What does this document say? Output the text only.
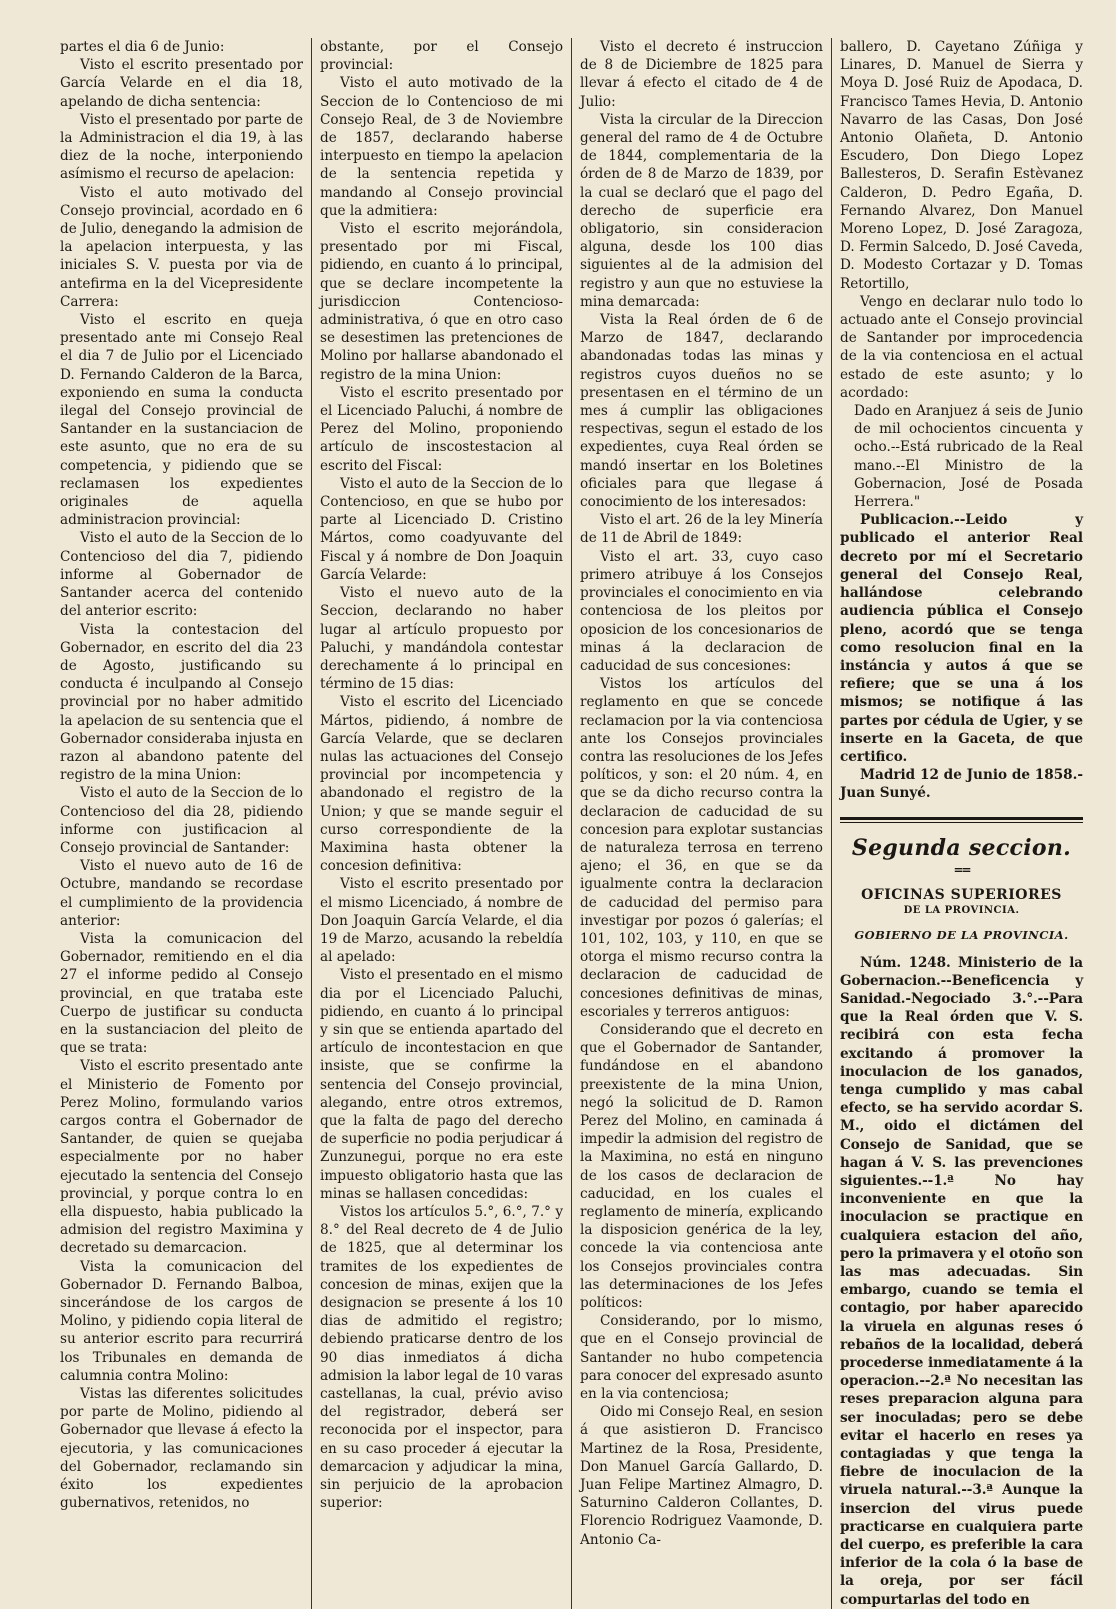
partes el dia 6 de Junio:

Visto el escrito presentado por García Velarde en el dia 18, apelando de dicha sentencia:

Visto el presentado por parte de la Administracion el dia 19, à las diez de la noche, interponiendo asímismo el recurso de apelacion:

Visto el auto motivado del Consejo provincial, acordado en 6 de Julio, denegando la admision de la apelacion interpuesta, y las iniciales S. V. puesta por via de antefirma en la del Vicepresidente Carrera:

Visto el escrito en queja presentado ante mi Consejo Real el dia 7 de Julio por el Licenciado D. Fernando Calderon de la Barca, exponiendo en suma la conducta ilegal del Consejo provincial de Santander en la sustanciacion de este asunto, que no era de su competencia, y pidiendo que se reclamasen los expedientes originales de aquella administracion provincial:

Visto el auto de la Seccion de lo Contencioso del dia 7, pidiendo informe al Gobernador de Santander acerca del contenido del anterior escrito:

Vista la contestacion del Gobernador, en escrito del dia 23 de Agosto, justificando su conducta é inculpando al Consejo provincial por no haber admitido la apelacion de su sentencia que el Gobernador consideraba injusta en razon al abandono patente del registro de la mina Union:

Visto el auto de la Seccion de lo Contencioso del dia 28, pidiendo informe con justificacion al Consejo provincial de Santander:

Visto el nuevo auto de 16 de Octubre, mandando se recordase el cumplimiento de la providencia anterior:

Vista la comunicacion del Gobernador, remitiendo en el dia 27 el informe pedido al Consejo provincial, en que trataba este Cuerpo de justificar su conducta en la sustanciacion del pleito de que se trata:

Visto el escrito presentado ante el Ministerio de Fomento por Perez Molino, formulando varios cargos contra el Gobernador de Santander, de quien se quejaba especialmente por no haber ejecutado la sentencia del Consejo provincial, y porque contra lo en ella dispuesto, habia publicado la admision del registro Maximina y decretado su demarcacion.

Vista la comunicacion del Gobernador D. Fernando Balboa, sincerándose de los cargos de Molino, y pidiendo copia literal de su anterior escrito para recurrirá los Tribunales en demanda de calumnia contra Molino:

Vistas las diferentes solicitudes por parte de Molino, pidiendo al Gobernador que llevase á efecto la ejecutoria, y las comunicaciones del Gobernador, reclamando sin éxito los expedientes gubernativos, retenidos, no

obstante, por el Consejo provincial:

Visto el auto motivado de la Seccion de lo Contencioso de mi Consejo Real, de 3 de Noviembre de 1857, declarando haberse interpuesto en tiempo la apelacion de la sentencia repetida y mandando al Consejo provincial que la admitiera:

Visto el escrito mejorándola, presentado por mi Fiscal, pidiendo, en cuanto á lo principal, que se declare incompetente la jurisdiccion Contencioso-administrativa, ó que en otro caso se desestimen las pretenciones de Molino por hallarse abandonado el registro de la mina Union:

Visto el escrito presentado por el Licenciado Paluchi, á nombre de Perez del Molino, proponiendo artículo de inscostestacion al escrito del Fiscal:

Visto el auto de la Seccion de lo Contencioso, en que se hubo por parte al Licenciado D. Cristino Mártos, como coadyuvante del Fiscal y á nombre de Don Joaquin García Velarde:

Visto el nuevo auto de la Seccion, declarando no haber lugar al artículo propuesto por Paluchi, y mandándola contestar derechamente á lo principal en término de 15 dias:

Visto el escrito del Licenciado Mártos, pidiendo, á nombre de García Velarde, que se declaren nulas las actuaciones del Consejo provincial por incompetencia y abandonado el registro de la Union; y que se mande seguir el curso correspondiente de la Maximina hasta obtener la concesion definitiva:

Visto el escrito presentado por el mismo Licenciado, á nombre de Don Joaquin García Velarde, el dia 19 de Marzo, acusando la rebeldía al apelado:

Visto el presentado en el mismo dia por el Licenciado Paluchi, pidiendo, en cuanto á lo principal y sin que se entienda apartado del artículo de incontestacion en que insiste, que se confirme la sentencia del Consejo provincial, alegando, entre otros extremos, que la falta de pago del derecho de superficie no podia perjudicar á Zunzunegui, porque no era este impuesto obligatorio hasta que las minas se hallasen concedidas:

Vistos los artículos 5.°, 6.°, 7.° y 8.° del Real decreto de 4 de Julio de 1825, que al determinar los tramites de los expedientes de concesion de minas, exijen que la designacion se presente á los 10 dias de admitido el registro; debiendo praticarse dentro de los 90 dias inmediatos á dicha admision la labor legal de 10 varas castellanas, la cual, prévio aviso del registrador, deberá ser reconocida por el inspector, para en su caso proceder á ejecutar la demarcacion y adjudicar la mina, sin perjuicio de la aprobacion superior:

Visto el decreto é instruccion de 8 de Diciembre de 1825 para llevar á efecto el citado de 4 de Julio:

Vista la circular de la Direccion general del ramo de 4 de Octubre de 1844, complementaria de la órden de 8 de Marzo de 1839, por la cual se declaró que el pago del derecho de superficie era obligatorio, sin consideracion alguna, desde los 100 dias siguientes al de la admision del registro y aun que no estuviese la mina demarcada:

Vista la Real órden de 6 de Marzo de 1847, declarando abandonadas todas las minas y registros cuyos dueños no se presentasen en el término de un mes á cumplir las obligaciones respectivas, segun el estado de los expedientes, cuya Real órden se mandó insertar en los Boletines oficiales para que llegase á conocimiento de los interesados:

Visto el art. 26 de la ley Minería de 11 de Abril de 1849:

Visto el art. 33, cuyo caso primero atribuye á los Consejos provinciales el conocimiento en via contenciosa de los pleitos por oposicion de los concesionarios de minas á la declaracion de caducidad de sus concesiones:

Vistos los artículos del reglamento en que se concede reclamacion por la via contenciosa ante los Consejos provinciales contra las resoluciones de los Jefes políticos, y son: el 20 núm. 4, en que se da dicho recurso contra la declaracion de caducidad de su concesion para explotar sustancias de naturaleza terrosa en terreno ajeno; el 36, en que se da igualmente contra la declaracion de caducidad del permiso para investigar por pozos ó galerías; el 101, 102, 103, y 110, en que se otorga el mismo recurso contra la declaracion de caducidad de concesiones definitivas de minas, escoriales y terreros antiguos:

Considerando que el decreto en que el Gobernador de Santander, fundándose en el abandono preexistente de la mina Union, negó la solicitud de D. Ramon Perez del Molino, en caminada á impedir la admision del registro de la Maximina, no está en ninguno de los casos de declaracion de caducidad, en los cuales el reglamento de minería, explicando la disposicion genérica de la ley, concede la via contenciosa ante los Consejos provinciales contra las determinaciones de los Jefes políticos:

Considerando, por lo mismo, que en el Consejo provincial de Santander no hubo competencia para conocer del expresado asunto en la via contenciosa;

Oido mi Consejo Real, en sesion á que asistieron D. Francisco Martinez de la Rosa, Presidente, Don Manuel García Gallardo, D. Juan Felipe Martinez Almagro, D. Saturnino Calderon Collantes, D. Florencio Rodriguez Vaamonde, D. Antonio Ca-

ballero, D. Cayetano Zúñiga y Linares, D. Manuel de Sierra y Moya D. José Ruiz de Apodaca, D. Francisco Tames Hevia, D. Antonio Navarro de las Casas, Don José Antonio Olañeta, D. Antonio Escudero, Don Diego Lopez Ballesteros, D. Serafin Estèvanez Calderon, D. Pedro Egaña, D. Fernando Alvarez, Don Manuel Moreno Lopez, D. José Zaragoza, D. Fermin Salcedo, D. José Caveda, D. Modesto Cortazar y D. Tomas Retortillo,

Vengo en declarar nulo todo lo actuado ante el Consejo provincial de Santander por improcedencia de la via contenciosa en el actual estado de este asunto; y lo acordado:

Dado en Aranjuez á seis de Junio de mil ochocientos cincuenta y ocho.--Está rubricado de la Real mano.--El Ministro de la Gobernacion, José de Posada Herrera."

Publicacion.--Leido y publicado el anterior Real decreto por mí el Secretario general del Consejo Real, hallándose celebrando audiencia pública el Consejo pleno, acordó que se tenga como resolucion final en la instáncia y autos á que se refiere; que se una á los mismos; se notifique á las partes por cédula de Ugier, y se inserte en la Gaceta, de que certifico.

Madrid 12 de Junio de 1858.- Juan Sunyé.

Segunda seccion.
==
OFICINAS SUPERIORES
DE LA PROVINCIA.
GOBIERNO DE LA PROVINCIA.

Núm. 1248. Ministerio de la Gobernacion.--Beneficencia y Sanidad.-Negociado 3.°.--Para que la Real órden que V. S. recibirá con esta fecha excitando á promover la inoculacion de los ganados, tenga cumplido y mas cabal efecto, se ha servido acordar S. M., oido el dictámen del Consejo de Sanidad, que se hagan á V. S. las prevenciones siguientes.--1.ª No hay inconveniente en que la inoculacion se practique en cualquiera estacion del año, pero la primavera y el otoño son las mas adecuadas. Sin embargo, cuando se temia el contagio, por haber aparecido la viruela en algunas reses ó rebaños de la localidad, deberá procederse inmediatamente á la operacion.--2.ª No necesitan las reses preparacion alguna para ser inoculadas; pero se debe evitar el hacerlo en reses ya contagiadas y que tenga la fiebre de inoculacion de la viruela natural.--3.ª Aunque la insercion del virus puede practicarse en cualquiera parte del cuerpo, es preferible la cara inferior de la cola ó la base de la oreja, por ser fácil compurtarlas del todo en
